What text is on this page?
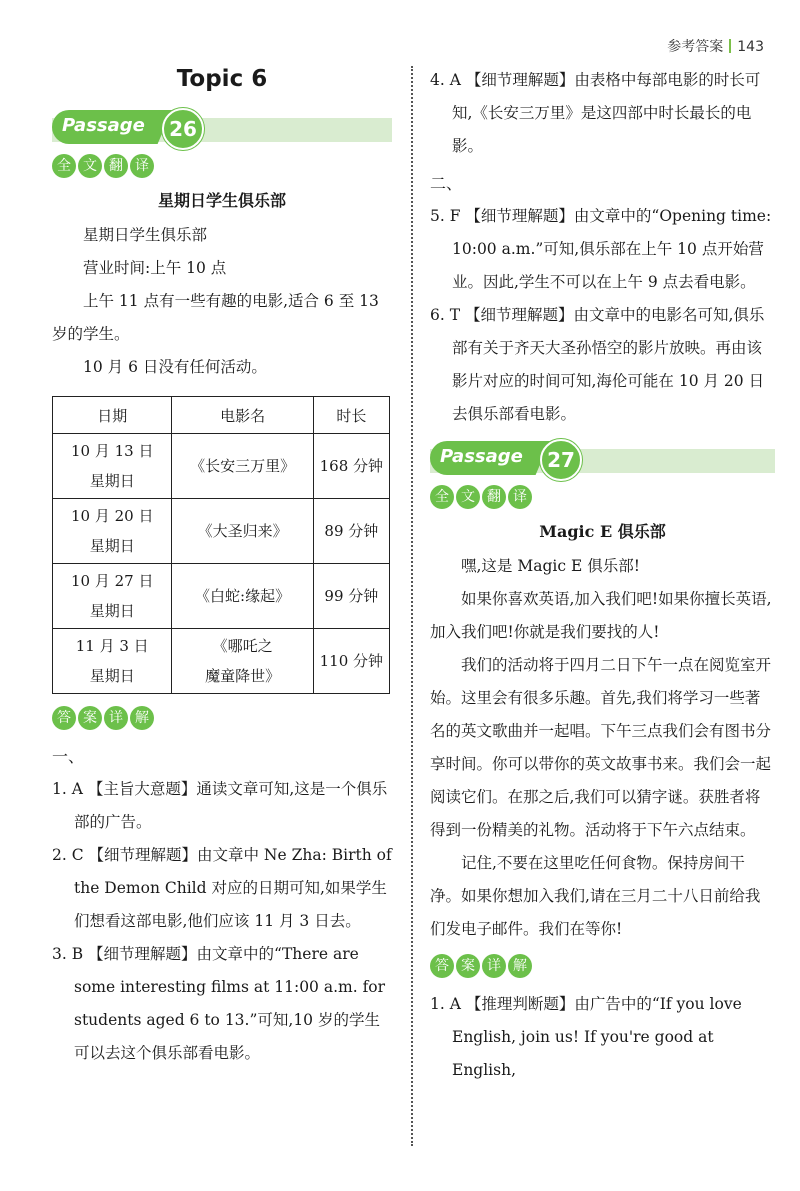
参考答案 143
Topic 6
Passage	26
全 文 翻 译
星期日学生俱乐部

星期日学生俱乐部

营业时间:上午 10 点

上午 11 点有一些有趣的电影,适合 6 至 13 岁的学生。

10 月 6 日没有任何活动。

日期	电影名	时长
10 月 13 日
星期日	《长安三万里》	168 分钟
10 月 20 日
星期日	《大圣归来》	89 分钟
10 月 27 日
星期日	《白蛇:缘起》	99 分钟
11 月 3 日
星期日	《哪吒之
魔童降世》	110 分钟
答 案 详 解
一、
1. A 【主旨大意题】通读文章可知,这是一个俱乐部的广告。
2. C 【细节理解题】由文章中 Ne Zha: Birth of the Demon Child 对应的日期可知,如果学生们想看这部电影,他们应该 11 月 3 日去。
3. B 【细节理解题】由文章中的“There are some interesting films at 11:00 a.m. for students aged 6 to 13.”可知,10 岁的学生可以去这个俱乐部看电影。
4. A 【细节理解题】由表格中每部电影的时长可知,《长安三万里》是这四部中时长最长的电影。
二、
5. F 【细节理解题】由文章中的“Opening time: 10:00 a.m.”可知,俱乐部在上午 10 点开始营业。因此,学生不可以在上午 9 点去看电影。
6. T 【细节理解题】由文章中的电影名可知,俱乐部有关于齐天大圣孙悟空的影片放映。再由该影片对应的时间可知,海伦可能在 10 月 20 日去俱乐部看电影。
Passage	27
全 文 翻 译
Magic E 俱乐部

嘿,这是 Magic E 俱乐部!

如果你喜欢英语,加入我们吧!如果你擅长英语,加入我们吧!你就是我们要找的人!

我们的活动将于四月二日下午一点在阅览室开始。这里会有很多乐趣。首先,我们将学习一些著名的英文歌曲并一起唱。下午三点我们会有图书分享时间。你可以带你的英文故事书来。我们会一起阅读它们。在那之后,我们可以猜字谜。获胜者将得到一份精美的礼物。活动将于下午六点结束。

记住,不要在这里吃任何食物。保持房间干净。如果你想加入我们,请在三月二十八日前给我们发电子邮件。我们在等你!

答 案 详 解
1. A 【推理判断题】由广告中的“If you love English, join us! If you're good at English,
